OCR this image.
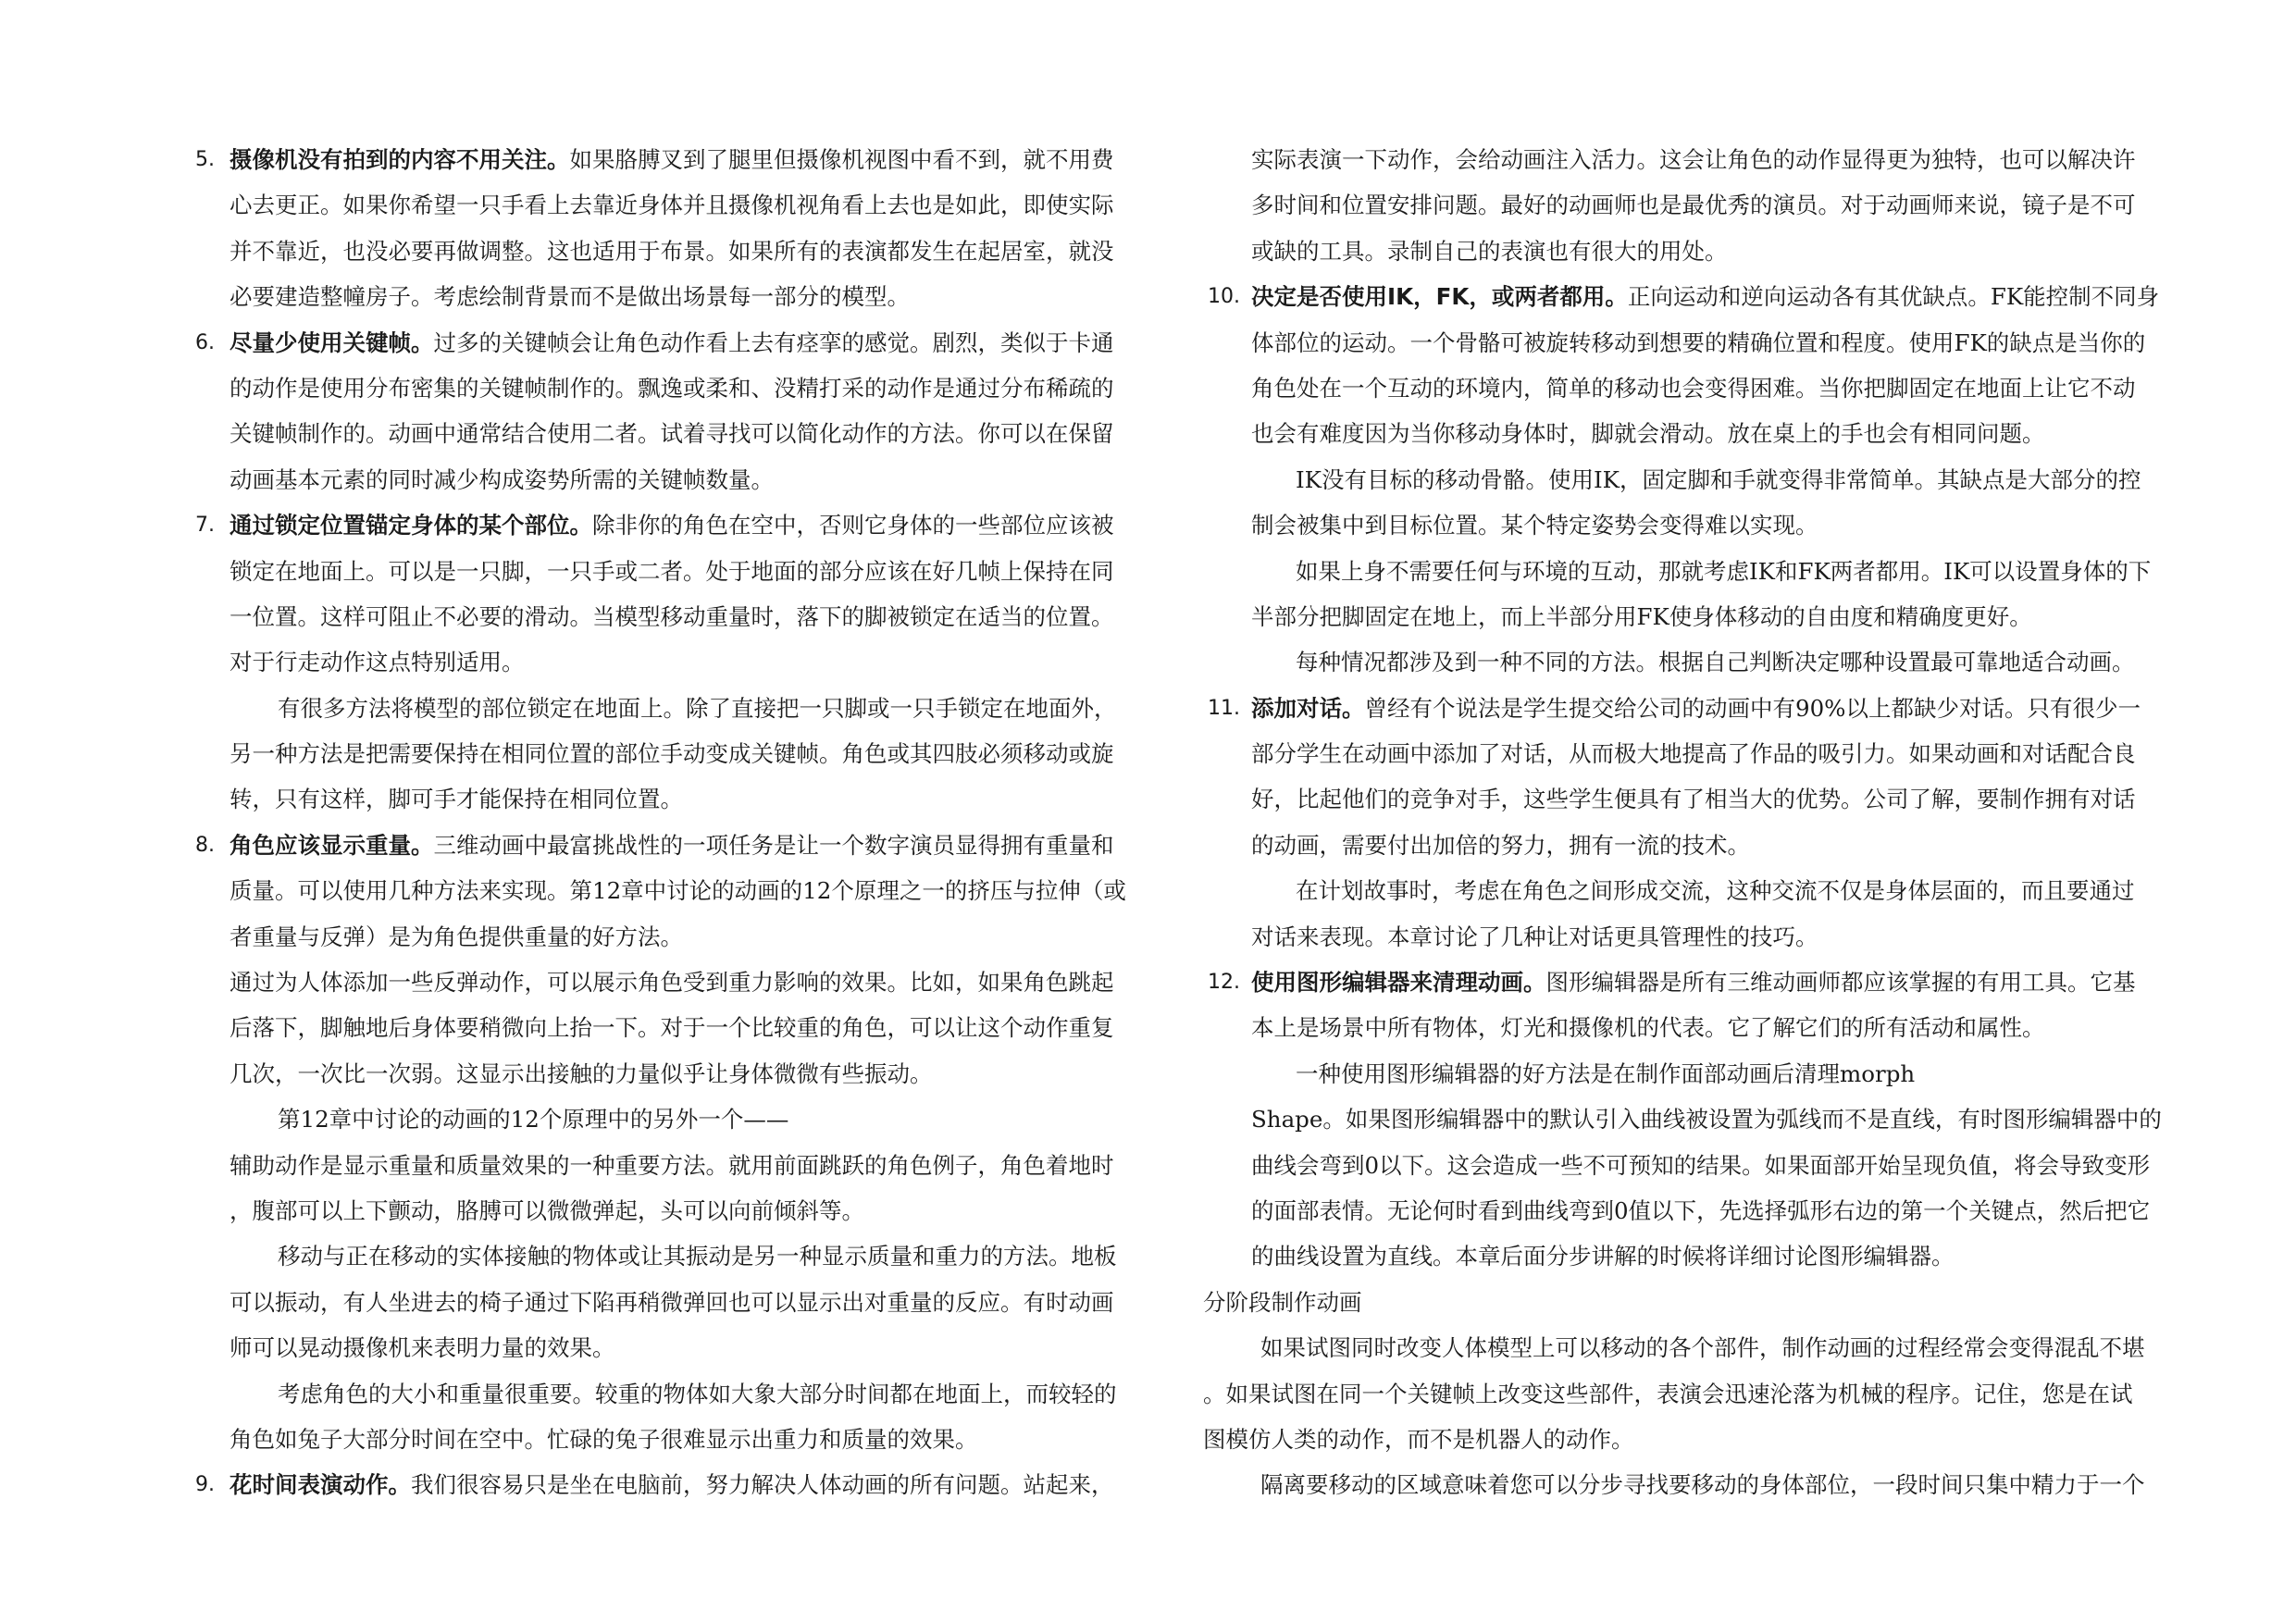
5. 摄像机没有拍到的内容不用关注。如果胳膊叉到了腿里但摄像机视图中看不到，就不用费
心去更正。如果你希望一只手看上去靠近身体并且摄像机视角看上去也是如此，即使实际
并不靠近，也没必要再做调整。这也适用于布景。如果所有的表演都发生在起居室，就没
必要建造整幢房子。考虑绘制背景而不是做出场景每一部分的模型。
6. 尽量少使用关键帧。过多的关键帧会让角色动作看上去有痉挛的感觉。剧烈，类似于卡通
的动作是使用分布密集的关键帧制作的。飘逸或柔和、没精打采的动作是通过分布稀疏的
关键帧制作的。动画中通常结合使用二者。试着寻找可以简化动作的方法。你可以在保留
动画基本元素的同时减少构成姿势所需的关键帧数量。
7. 通过锁定位置锚定身体的某个部位。除非你的角色在空中，否则它身体的一些部位应该被
锁定在地面上。可以是一只脚，一只手或二者。处于地面的部分应该在好几帧上保持在同
一位置。这样可阻止不必要的滑动。当模型移动重量时，落下的脚被锁定在适当的位置。
对于行走动作这点特别适用。
有很多方法将模型的部位锁定在地面上。除了直接把一只脚或一只手锁定在地面外，
另一种方法是把需要保持在相同位置的部位手动变成关键帧。角色或其四肢必须移动或旋
转，只有这样，脚可手才能保持在相同位置。
8. 角色应该显示重量。三维动画中最富挑战性的一项任务是让一个数字演员显得拥有重量和
质量。可以使用几种方法来实现。第12章中讨论的动画的12个原理之一的挤压与拉伸（或
者重量与反弹）是为角色提供重量的好方法。
通过为人体添加一些反弹动作，可以展示角色受到重力影响的效果。比如，如果角色跳起
后落下，脚触地后身体要稍微向上抬一下。对于一个比较重的角色，可以让这个动作重复
几次，一次比一次弱。这显示出接触的力量似乎让身体微微有些振动。
第12章中讨论的动画的12个原理中的另外一个——
辅助动作是显示重量和质量效果的一种重要方法。就用前面跳跃的角色例子，角色着地时
，腹部可以上下颤动，胳膊可以微微弹起，头可以向前倾斜等。
移动与正在移动的实体接触的物体或让其振动是另一种显示质量和重力的方法。地板
可以振动，有人坐进去的椅子通过下陷再稍微弹回也可以显示出对重量的反应。有时动画
师可以晃动摄像机来表明力量的效果。
考虑角色的大小和重量很重要。较重的物体如大象大部分时间都在地面上，而较轻的
角色如兔子大部分时间在空中。忙碌的兔子很难显示出重力和质量的效果。
9. 花时间表演动作。我们很容易只是坐在电脑前，努力解决人体动画的所有问题。站起来，
实际表演一下动作，会给动画注入活力。这会让角色的动作显得更为独特，也可以解决许
多时间和位置安排问题。最好的动画师也是最优秀的演员。对于动画师来说，镜子是不可
或缺的工具。录制自己的表演也有很大的用处。
10. 决定是否使用IK，FK，或两者都用。正向运动和逆向运动各有其优缺点。FK能控制不同身
体部位的运动。一个骨骼可被旋转移动到想要的精确位置和程度。使用FK的缺点是当你的
角色处在一个互动的环境内，简单的移动也会变得困难。当你把脚固定在地面上让它不动
也会有难度因为当你移动身体时，脚就会滑动。放在桌上的手也会有相同问题。
IK没有目标的移动骨骼。使用IK，固定脚和手就变得非常简单。其缺点是大部分的控
制会被集中到目标位置。某个特定姿势会变得难以实现。
如果上身不需要任何与环境的互动，那就考虑IK和FK两者都用。IK可以设置身体的下
半部分把脚固定在地上，而上半部分用FK使身体移动的自由度和精确度更好。
每种情况都涉及到一种不同的方法。根据自己判断决定哪种设置最可靠地适合动画。
11. 添加对话。曾经有个说法是学生提交给公司的动画中有90%以上都缺少对话。只有很少一
部分学生在动画中添加了对话，从而极大地提高了作品的吸引力。如果动画和对话配合良
好，比起他们的竞争对手，这些学生便具有了相当大的优势。公司了解，要制作拥有对话
的动画，需要付出加倍的努力，拥有一流的技术。
在计划故事时，考虑在角色之间形成交流，这种交流不仅是身体层面的，而且要通过
对话来表现。本章讨论了几种让对话更具管理性的技巧。
12. 使用图形编辑器来清理动画。图形编辑器是所有三维动画师都应该掌握的有用工具。它基
本上是场景中所有物体，灯光和摄像机的代表。它了解它们的所有活动和属性。
一种使用图形编辑器的好方法是在制作面部动画后清理morph
Shape。如果图形编辑器中的默认引入曲线被设置为弧线而不是直线，有时图形编辑器中的
曲线会弯到0以下。这会造成一些不可预知的结果。如果面部开始呈现负值，将会导致变形
的面部表情。无论何时看到曲线弯到0值以下，先选择弧形右边的第一个关键点，然后把它
的曲线设置为直线。本章后面分步讲解的时候将详细讨论图形编辑器。
分阶段制作动画
如果试图同时改变人体模型上可以移动的各个部件，制作动画的过程经常会变得混乱不堪
。如果试图在同一个关键帧上改变这些部件，表演会迅速沦落为机械的程序。记住，您是在试
图模仿人类的动作，而不是机器人的动作。
隔离要移动的区域意味着您可以分步寻找要移动的身体部位，一段时间只集中精力于一个
